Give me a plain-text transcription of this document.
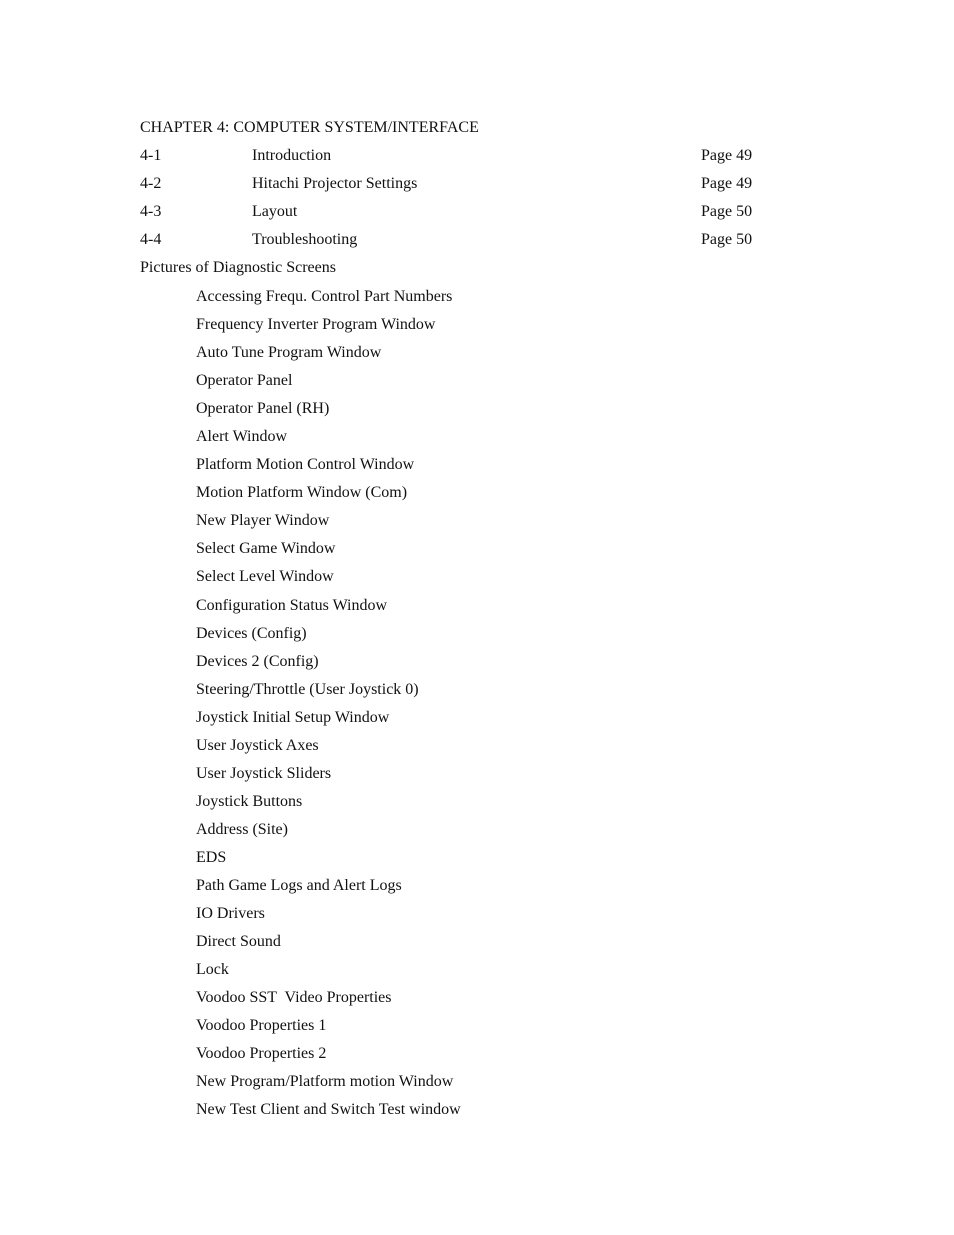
CHAPTER 4: COMPUTER SYSTEM/INTERFACE
4-1	Introduction	Page 49
4-2	Hitachi Projector Settings	Page 49
4-3	Layout	Page 50
4-4	Troubleshooting	Page 50
Pictures of Diagnostic Screens
Accessing Frequ. Control Part Numbers
Frequency Inverter Program Window
Auto Tune Program Window
Operator Panel
Operator Panel (RH)
Alert Window
Platform Motion Control Window
Motion Platform Window (Com)
New Player Window
Select Game Window
Select Level Window
Configuration Status Window
Devices (Config)
Devices 2 (Config)
Steering/Throttle (User Joystick 0)
Joystick Initial Setup Window
User Joystick Axes
User Joystick Sliders
Joystick Buttons
Address (Site)
EDS
Path Game Logs and Alert Logs
IO Drivers
Direct Sound
Lock
Voodoo SST  Video Properties
Voodoo Properties 1
Voodoo Properties 2
New Program/Platform motion Window
New Test Client and Switch Test window
